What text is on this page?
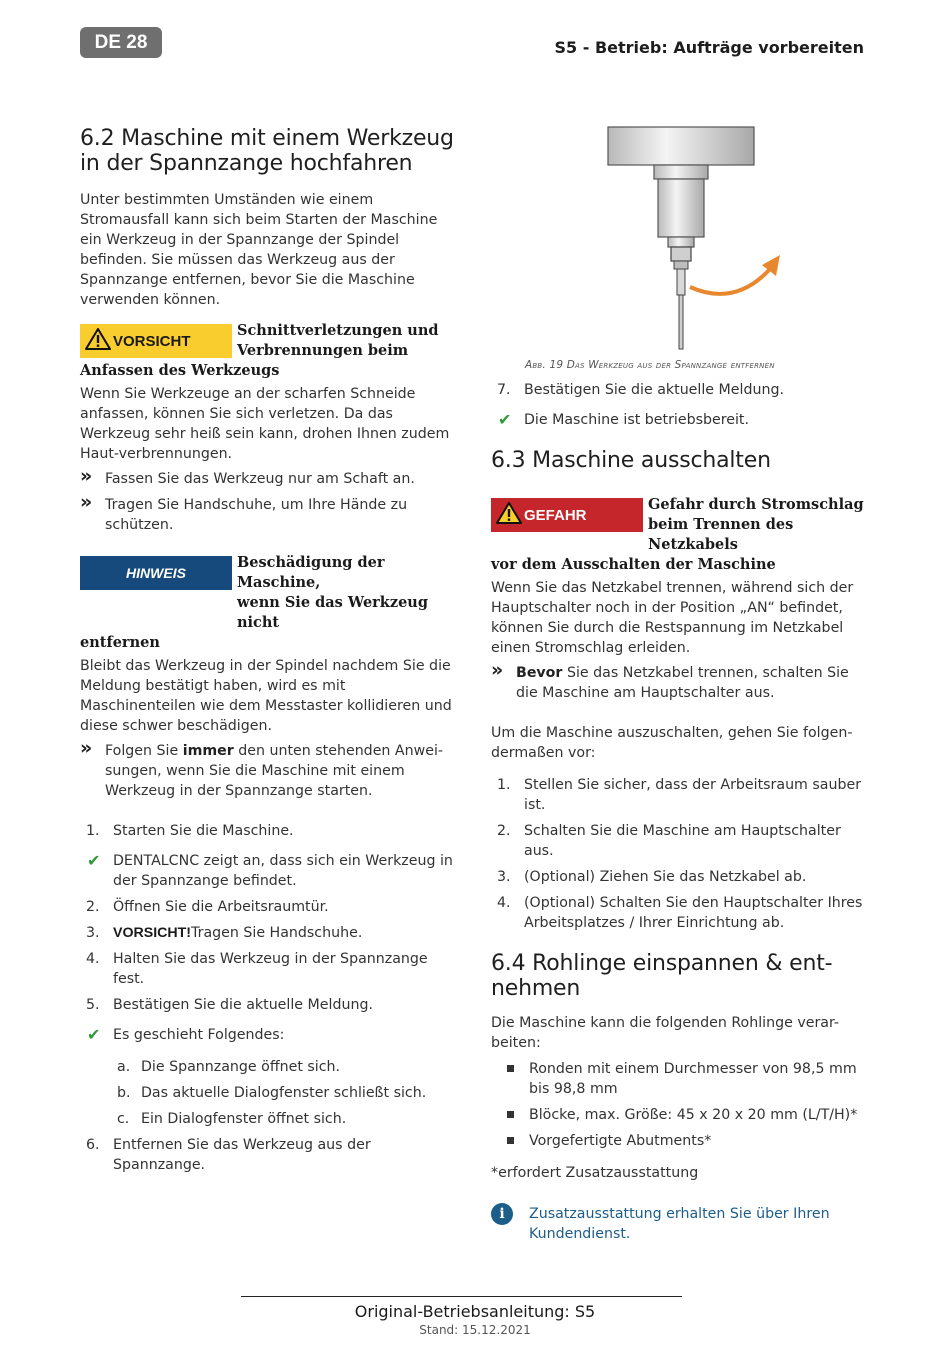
DE 28	S5 - Betrieb: Aufträge vorbereiten
6.2 Maschine mit einem Werkzeug
in der Spannzange hochfahren

Unter bestimmten Umständen wie einem Stromausfall kann sich beim Starten der Maschine ein Werkzeug in der Spannzange der Spindel befinden. Sie müssen das Werkzeug aus der Spannzange entfernen, bevor Sie die Maschine verwenden können.

VORSICHT
Schnittverletzungen und
Verbrennungen beim
Anfassen des Werkzeugs

Wenn Sie Werkzeuge an der scharfen Schneide anfassen, können Sie sich verletzen. Da das Werkzeug sehr heiß sein kann, drohen Ihnen zudem Haut-verbrennungen.

» Fassen Sie das Werkzeug nur am Schaft an.
» Tragen Sie Handschuhe, um Ihre Hände zu schützen.
HINWEIS
Beschädigung der Maschine,
wenn Sie das Werkzeug nicht
entfernen

Bleibt das Werkzeug in der Spindel nachdem Sie die Meldung bestätigt haben, wird es mit Maschinenteilen wie dem Messtaster kollidieren und diese schwer beschädigen.

» Folgen Sie immer den unten stehenden Anwei-sungen, wenn Sie die Maschine mit einem Werkzeug in der Spannzange starten.
1. Starten Sie die Maschine.
✔ DENTALCNC zeigt an, dass sich ein Werkzeug in der Spannzange befindet.
2. Öffnen Sie die Arbeitsraumtür.
3. VORSICHT!Tragen Sie Handschuhe.
4. Halten Sie das Werkzeug in der Spannzange fest.
5. Bestätigen Sie die aktuelle Meldung.
✔ Es geschieht Folgendes:
a. Die Spannzange öffnet sich.
b. Das aktuelle Dialogfenster schließt sich.
c. Ein Dialogfenster öffnet sich.
6. Entfernen Sie das Werkzeug aus der Spannzange.
Abb. 19 Das Werkzeug aus der Spannzange entfernen
7. Bestätigen Sie die aktuelle Meldung.
✔ Die Maschine ist betriebsbereit.
6.3 Maschine ausschalten
GEFAHR
Gefahr durch Stromschlag
beim Trennen des Netzkabels
vor dem Ausschalten der Maschine

Wenn Sie das Netzkabel trennen, während sich der Hauptschalter noch in der Position „AN“ befindet, können Sie durch die Restspannung im Netzkabel einen Stromschlag erleiden.

» Bevor Sie das Netzkabel trennen, schalten Sie die Maschine am Hauptschalter aus.

Um die Maschine auszuschalten, gehen Sie folgen-dermaßen vor:

1. Stellen Sie sicher, dass der Arbeitsraum sauber ist.
2. Schalten Sie die Maschine am Hauptschalter aus.
3. (Optional) Ziehen Sie das Netzkabel ab.
4. (Optional) Schalten Sie den Hauptschalter Ihres Arbeitsplatzes / Ihrer Einrichtung ab.
6.4 Rohlinge einspannen & ent-
nehmen

Die Maschine kann die folgenden Rohlinge verar-beiten:

Ronden mit einem Durchmesser von 98,5 mm bis 98,8 mm
Blöcke, max. Größe: 45 x 20 x 20 mm (L/T/H)*
Vorgefertigte Abutments*

*erfordert Zusatzausstattung

i	Zusatzausstattung erhalten Sie über Ihren Kundendienst.
Original-Betriebsanleitung: S5
Stand: 15.12.2021
